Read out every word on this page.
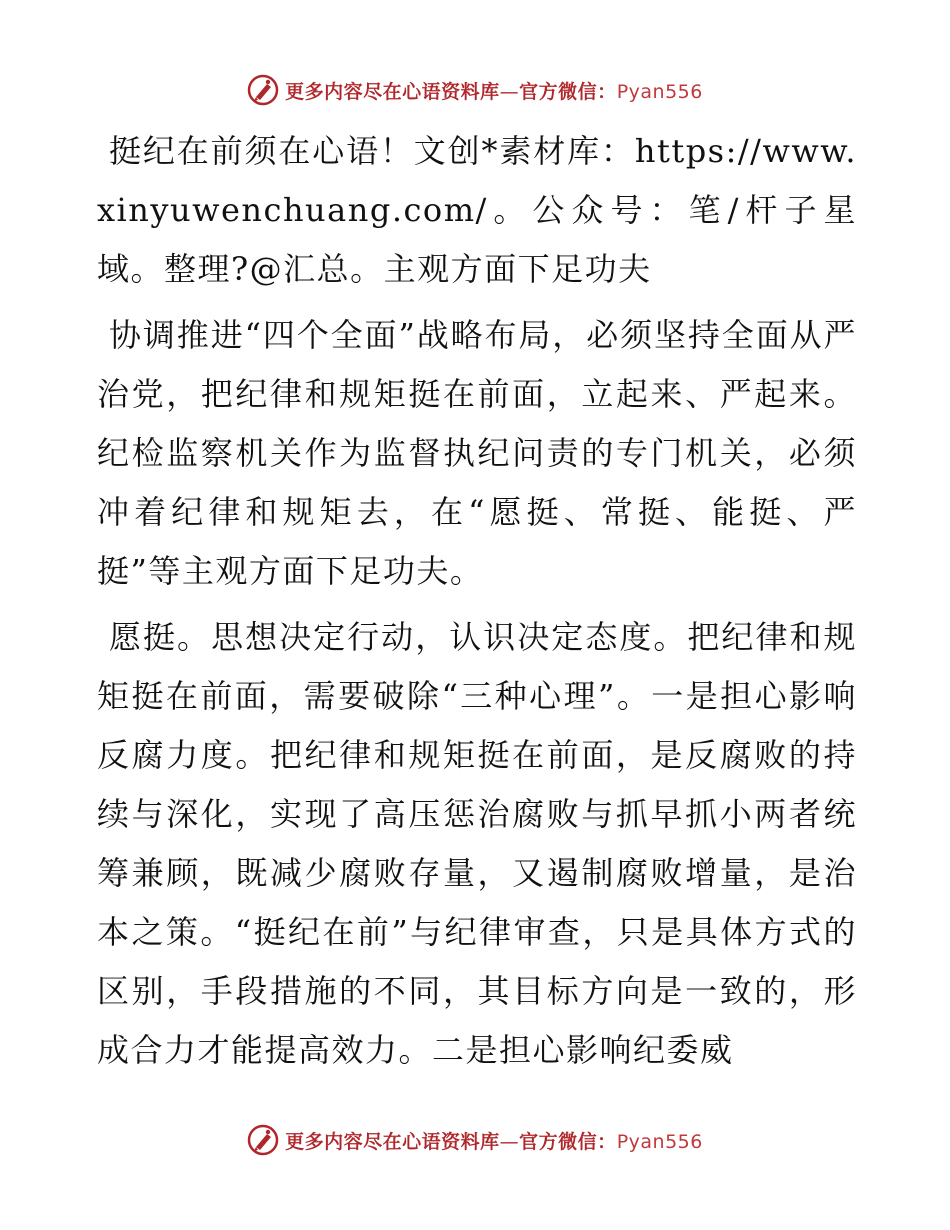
更多内容尽在心语资料库—官方微信：Pyan556

挺纪在前须在心语！文创*素材库：https://www.xinyuwenchuang.com/。公众号：笔/杆子星域。整理?@汇总。主观方面下足功夫

协调推进“四个全面”战略布局，必须坚持全面从严治党，把纪律和规矩挺在前面，立起来、严起来。纪检监察机关作为监督执纪问责的专门机关，必须冲着纪律和规矩去，在“愿挺、常挺、能挺、严挺”等主观方面下足功夫。

愿挺。思想决定行动，认识决定态度。把纪律和规矩挺在前面，需要破除“三种心理”。一是担心影响反腐力度。把纪律和规矩挺在前面，是反腐败的持续与深化，实现了高压惩治腐败与抓早抓小两者统筹兼顾，既减少腐败存量，又遏制腐败增量，是治本之策。“挺纪在前”与纪律审查，只是具体方式的区别，手段措施的不同，其目标方向是一致的，形成合力才能提高效力。二是担心影响纪委威

更多内容尽在心语资料库—官方微信：Pyan556
